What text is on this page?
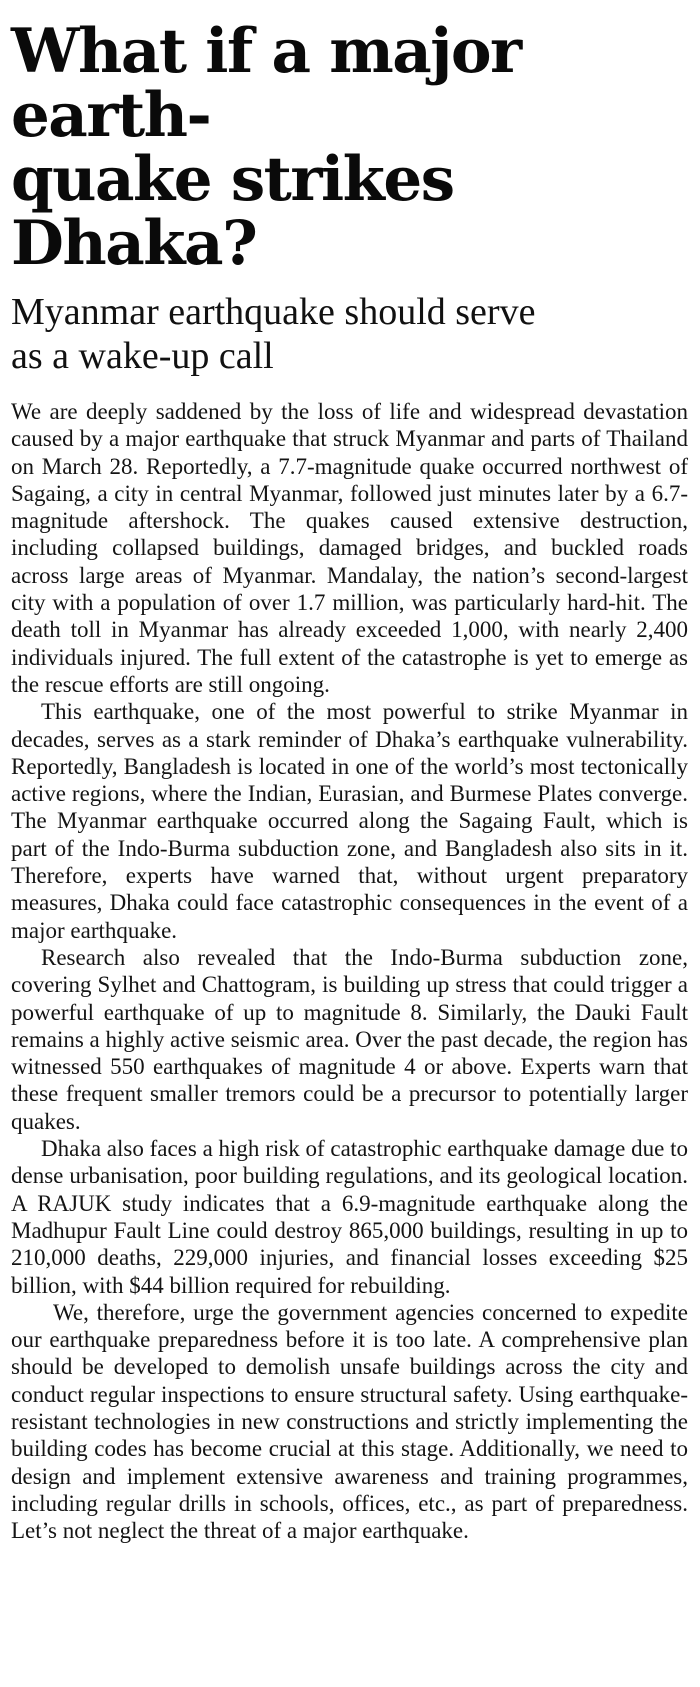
What if a major earth-
quake strikes Dhaka?
Myanmar earthquake should serve
as a wake-up call

We are deeply saddened by the loss of life and widespread devastation caused by a major earthquake that struck Myanmar and parts of Thailand on March 28. Reportedly, a 7.7-magnitude quake occurred northwest of Sagaing, a city in central Myanmar, followed just minutes later by a 6.7-magnitude aftershock. The quakes caused extensive destruction, including collapsed buildings, damaged bridges, and buckled roads across large areas of Myanmar. Mandalay, the nation’s second-largest city with a population of over 1.7 million, was particularly hard-hit. The death toll in Myanmar has already exceeded 1,000, with nearly 2,400 individuals injured. The full extent of the catastrophe is yet to emerge as the rescue efforts are still ongoing.

This earthquake, one of the most powerful to strike Myanmar in decades, serves as a stark reminder of Dhaka’s earthquake vulnerability. Reportedly, Bangladesh is located in one of the world’s most tectonically active regions, where the Indian, Eurasian, and Burmese Plates converge. The Myanmar earthquake occurred along the Sagaing Fault, which is part of the Indo-Burma subduction zone, and Bangladesh also sits in it. Therefore, experts have warned that, without urgent preparatory measures, Dhaka could face catastrophic consequences in the event of a major earthquake.

Research also revealed that the Indo-Burma subduction zone, covering Sylhet and Chattogram, is building up stress that could trigger a powerful earthquake of up to magnitude 8. Similarly, the Dauki Fault remains a highly active seismic area. Over the past decade, the region has witnessed 550 earthquakes of magnitude 4 or above. Experts warn that these frequent smaller tremors could be a precursor to potentially larger quakes.

Dhaka also faces a high risk of catastrophic earthquake damage due to dense urbanisation, poor building regulations, and its geological location. A RAJUK study indicates that a 6.9-magnitude earthquake along the Madhupur Fault Line could destroy 865,000 buildings, resulting in up to 210,000 deaths, 229,000 injuries, and financial losses exceeding $25 billion, with $44 billion required for rebuilding.

We, therefore, urge the government agencies concerned to expedite our earthquake preparedness before it is too late. A comprehensive plan should be developed to demolish unsafe buildings across the city and conduct regular inspections to ensure structural safety. Using earthquake-resistant technologies in new constructions and strictly implementing the building codes has become crucial at this stage. Additionally, we need to design and implement extensive awareness and training programmes, including regular drills in schools, offices, etc., as part of preparedness. Let’s not neglect the threat of a major earthquake.
